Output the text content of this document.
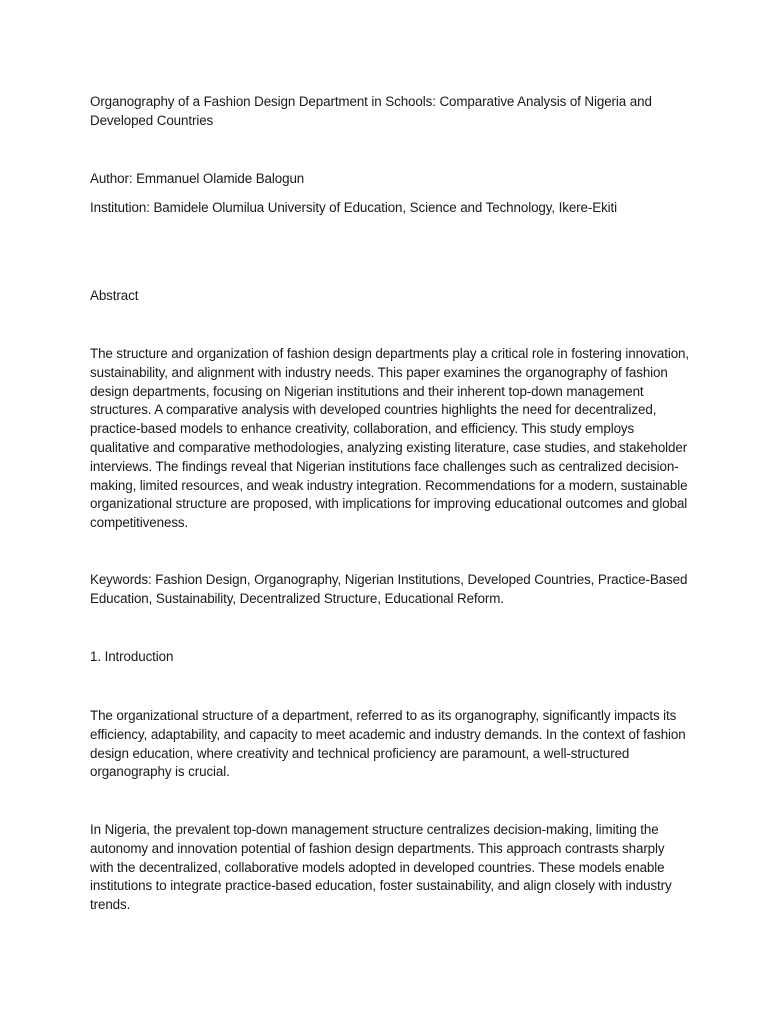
Organography of a Fashion Design Department in Schools: Comparative Analysis of Nigeria and Developed Countries

Author: Emmanuel Olamide Balogun

Institution: Bamidele Olumilua University of Education, Science and Technology, Ikere-Ekiti

Abstract

The structure and organization of fashion design departments play a critical role in fostering innovation, sustainability, and alignment with industry needs. This paper examines the organography of fashion design departments, focusing on Nigerian institutions and their inherent top-down management structures. A comparative analysis with developed countries highlights the need for decentralized, practice-based models to enhance creativity, collaboration, and efficiency. This study employs qualitative and comparative methodologies, analyzing existing literature, case studies, and stakeholder interviews. The findings reveal that Nigerian institutions face challenges such as centralized decision-making, limited resources, and weak industry integration. Recommendations for a modern, sustainable organizational structure are proposed, with implications for improving educational outcomes and global competitiveness.

Keywords: Fashion Design, Organography, Nigerian Institutions, Developed Countries, Practice-Based Education, Sustainability, Decentralized Structure, Educational Reform.

1. Introduction

The organizational structure of a department, referred to as its organography, significantly impacts its efficiency, adaptability, and capacity to meet academic and industry demands. In the context of fashion design education, where creativity and technical proficiency are paramount, a well-structured organography is crucial.

In Nigeria, the prevalent top-down management structure centralizes decision-making, limiting the autonomy and innovation potential of fashion design departments. This approach contrasts sharply with the decentralized, collaborative models adopted in developed countries. These models enable institutions to integrate practice-based education, foster sustainability, and align closely with industry trends.
